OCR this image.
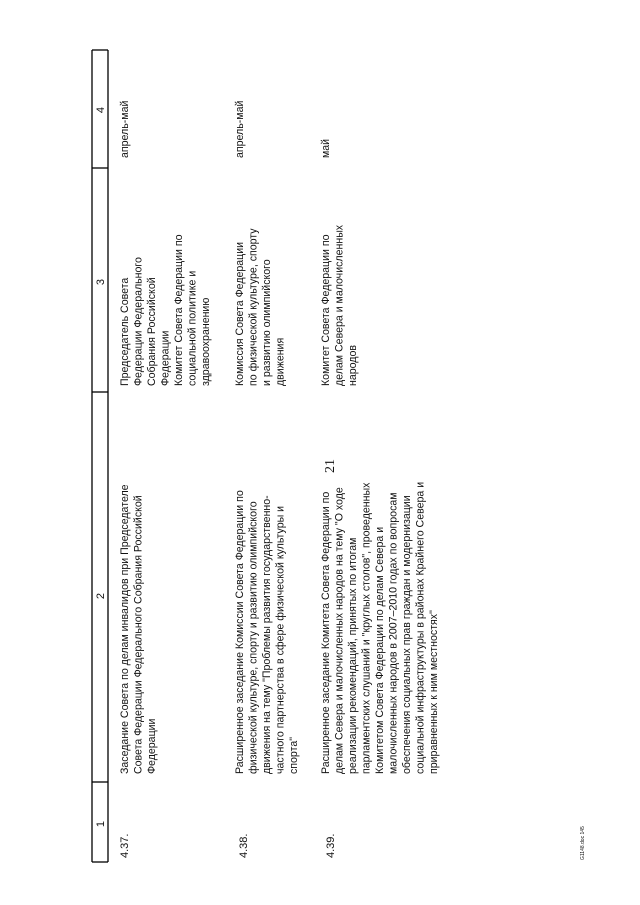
1
2
3
4
21
4.37.
Заседание Совета по делам инвалидов при Председателе Совета Федерации Федерального Собрания Российской Федерации
Председатель Совета Федерации Федерального Собрания Российской Федерации Комитет Совета Федерации по социальной политике и здравоохранению
апрель-май
4.38.
Расширенное заседание Комиссии Совета Федерации по физической культуре, спорту и развитию олимпийского движения на тему "Проблемы развития государственно- частного партнерства в сфере физической культуры и спорта"
Комиссия Совета Федерации по физической культуре, спорту и развитию олимпийского движения
апрель-май
4.39.
Расширенное заседание Комитета Совета Федерации по делам Севера и малочисленных народов на тему "О ходе реализации рекомендаций, принятых по итогам парламентских слушаний и "круглых столов", проведенных Комитетом Совета Федерации по делам Севера и малочисленных народов в 2007–2010 годах по вопросам обеспечения социальных прав граждан и модернизации социальной инфраструктуры в районах Крайнего Севера и приравненных к ним местностях"
Комитет Совета Федерации по делам Севера и малочисленных народов
май
G1148.doc 145
